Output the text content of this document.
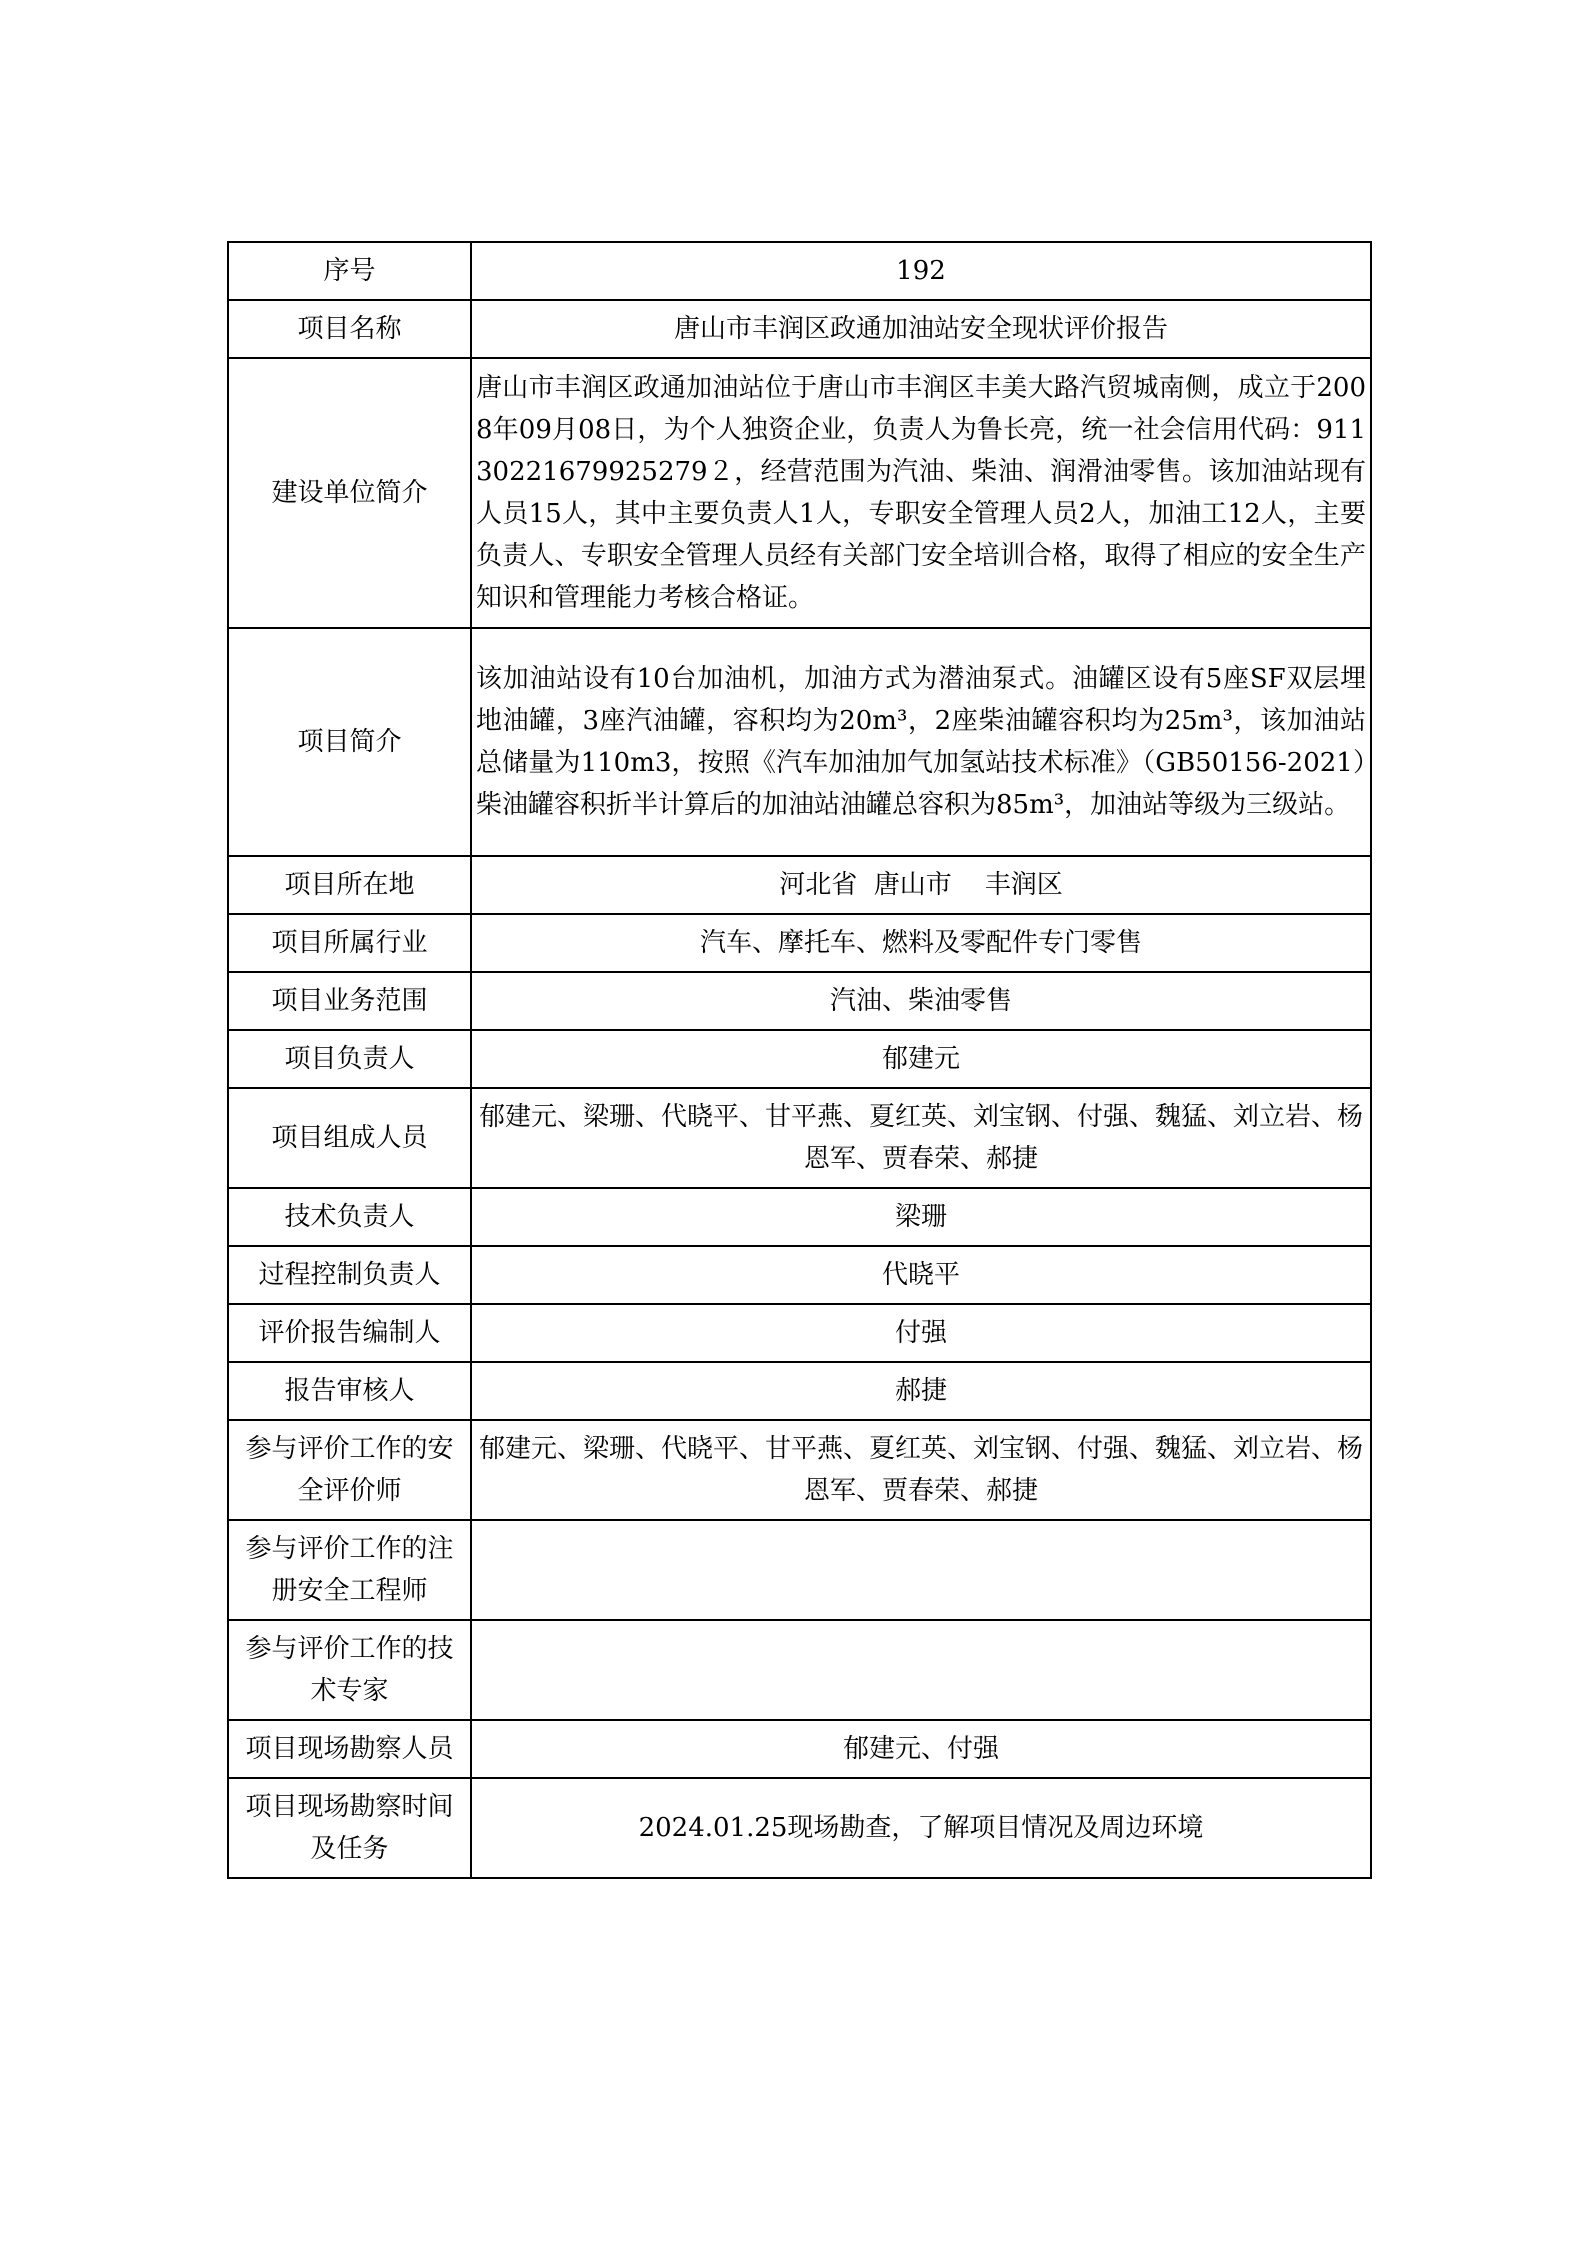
序号	192
项目名称	唐山市丰润区政通加油站安全现状评价报告
建设单位简介	唐山市丰润区政通加油站位于唐山市丰润区丰美大路汽贸城南侧，成立于2008年09月08日，为个人独资企业，负责人为鲁长亮，统一社会信用代码：91130221679925279２，经营范围为汽油、柴油、润滑油零售。该加油站现有人员15人，其中主要负责人1人，专职安全管理人员2人，加油工12人，主要负责人、专职安全管理人员经有关部门安全培训合格，取得了相应的安全生产知识和管理能力考核合格证。
项目简介	该加油站设有10台加油机，加油方式为潜油泵式。油罐区设有5座SF双层埋地油罐，3座汽油罐，容积均为20m³，2座柴油罐容积均为25m³，该加油站总储量为110m3，按照《汽车加油加气加氢站技术标准》（GB50156-2021）柴油罐容积折半计算后的加油站油罐总容积为85m³，加油站等级为三级站。
项目所在地	河北省  唐山市    丰润区
项目所属行业	汽车、摩托车、燃料及零配件专门零售
项目业务范围	汽油、柴油零售
项目负责人	郁建元
项目组成人员	郁建元、梁珊、代晓平、甘平燕、夏红英、刘宝钢、付强、魏猛、刘立岩、杨恩军、贾春荣、郝捷
技术负责人	梁珊
过程控制负责人	代晓平
评价报告编制人	付强
报告审核人	郝捷
参与评价工作的安全评价师	郁建元、梁珊、代晓平、甘平燕、夏红英、刘宝钢、付强、魏猛、刘立岩、杨恩军、贾春荣、郝捷
参与评价工作的注册安全工程师	
参与评价工作的技术专家	
项目现场勘察人员	郁建元、付强
项目现场勘察时间及任务	2024.01.25现场勘查，了解项目情况及周边环境
